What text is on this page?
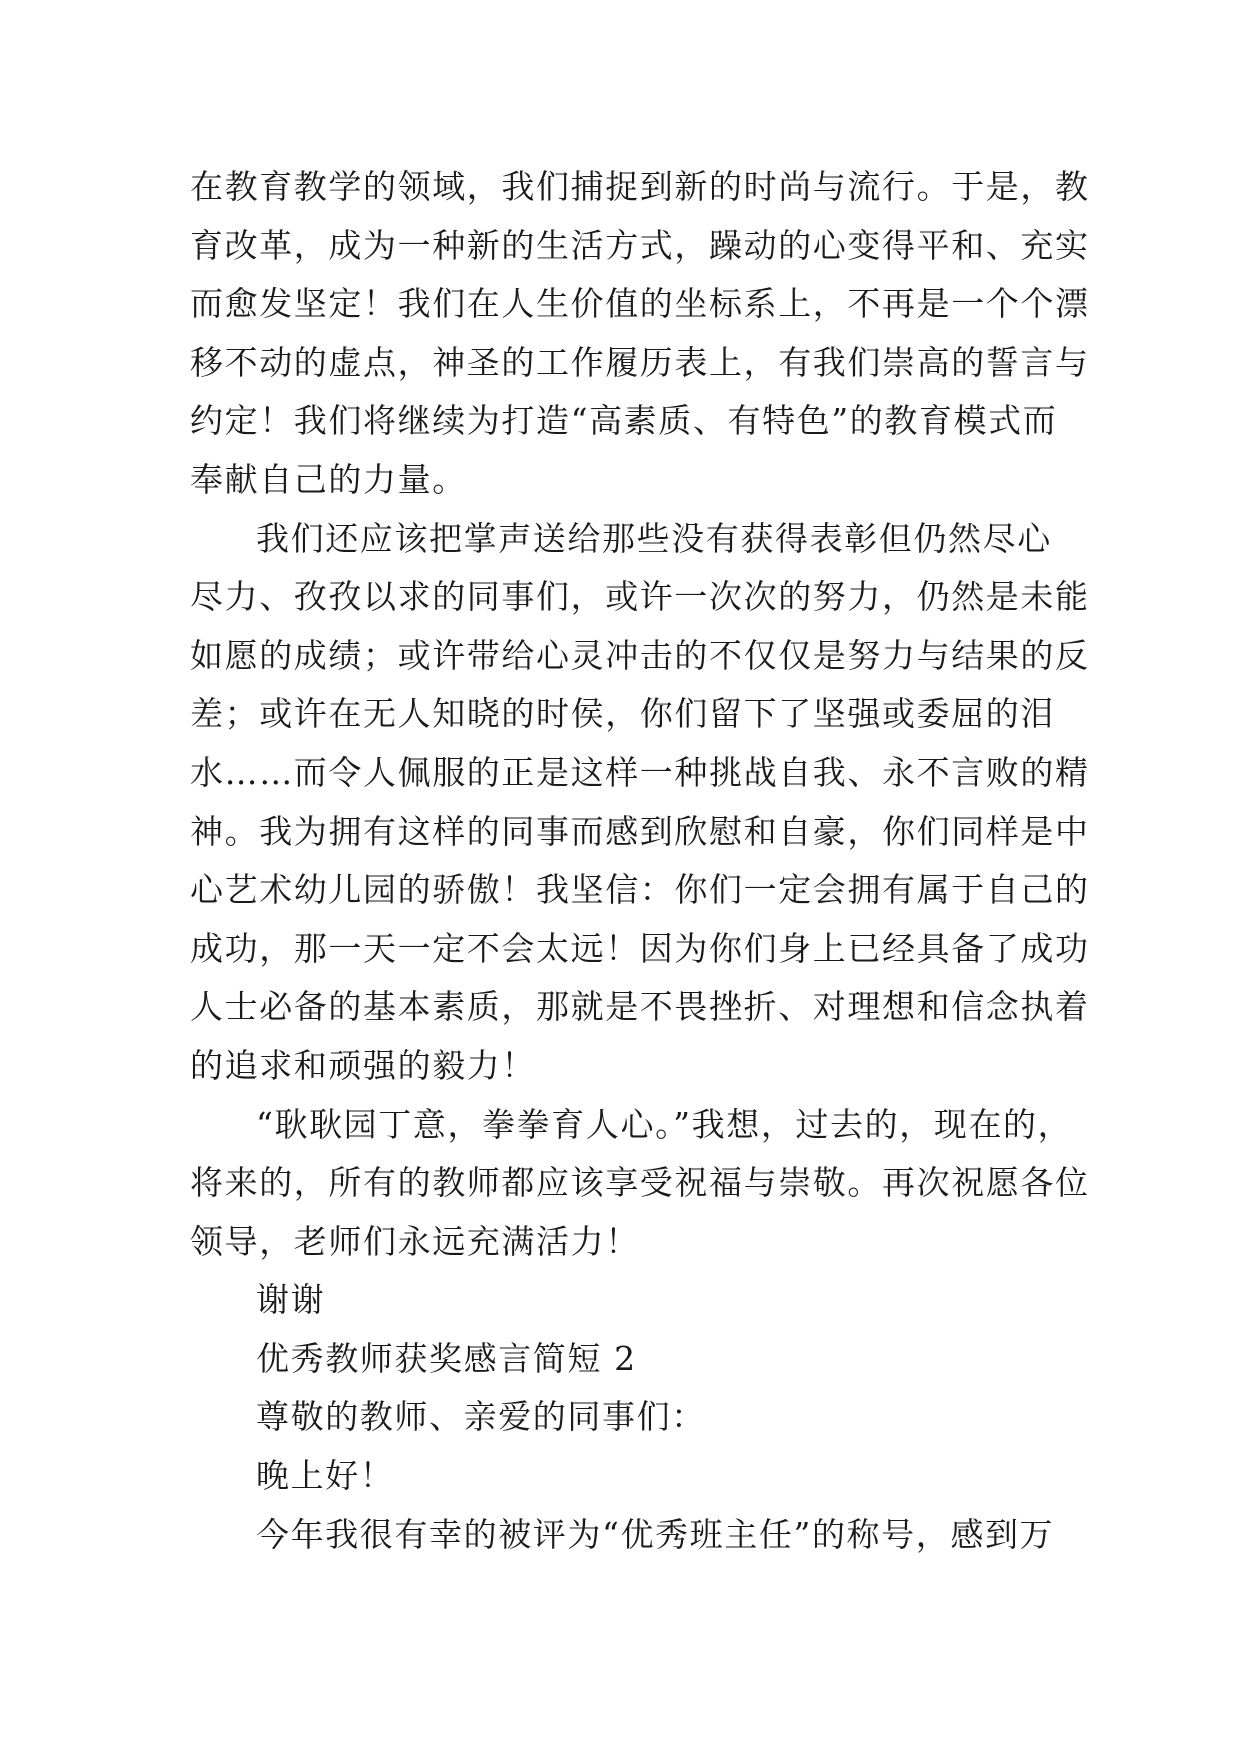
在教育教学的领域，我们捕捉到新的时尚与流行。于是，教
育改革，成为一种新的生活方式，躁动的心变得平和、充实
而愈发坚定！我们在人生价值的坐标系上，不再是一个个漂
移不动的虚点，神圣的工作履历表上，有我们崇高的誓言与
约定！我们将继续为打造“高素质、有特色”的教育模式而
奉献自己的力量。
我们还应该把掌声送给那些没有获得表彰但仍然尽心
尽力、孜孜以求的同事们，或许一次次的努力，仍然是未能
如愿的成绩；或许带给心灵冲击的不仅仅是努力与结果的反
差；或许在无人知晓的时侯，你们留下了坚强或委屈的泪
水……而令人佩服的正是这样一种挑战自我、永不言败的精
神。我为拥有这样的同事而感到欣慰和自豪，你们同样是中
心艺术幼儿园的骄傲！我坚信：你们一定会拥有属于自己的
成功，那一天一定不会太远！因为你们身上已经具备了成功
人士必备的基本素质，那就是不畏挫折、对理想和信念执着
的追求和顽强的毅力！
“耿耿园丁意，拳拳育人心。”我想，过去的，现在的，
将来的，所有的教师都应该享受祝福与崇敬。再次祝愿各位
领导，老师们永远充满活力！
谢谢
优秀教师获奖感言简短 2
尊敬的教师、亲爱的同事们：
晚上好！
今年我很有幸的被评为“优秀班主任”的称号，感到万
